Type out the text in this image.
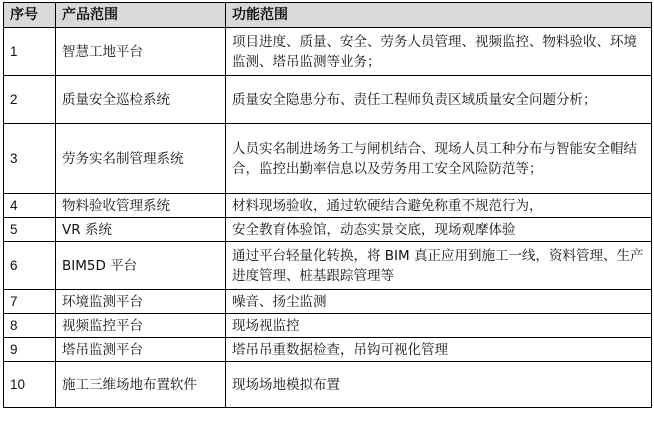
序号	产品范围	功能范围
1	智慧工地平台	项目进度、质量、安全、劳务人员管理、视频监控、物料验收、环境监测、塔吊监测等业务；
2	质量安全巡检系统	质量安全隐患分布、责任工程师负责区域质量安全问题分析；
3	劳务实名制管理系统	人员实名制进场务工与闸机结合、现场人员工种分布与智能安全帽结合，监控出勤率信息以及劳务用工安全风险防范等；
4	物料验收管理系统	材料现场验收，通过软硬结合避免称重不规范行为，
5	VR 系统	安全教育体验馆，动态实景交底，现场观摩体验
6	BIM5D 平台	通过平台轻量化转换，将 BIM 真正应用到施工一线，资料管理、生产进度管理、桩基跟踪管理等
7	环境监测平台	噪音、扬尘监测
8	视频监控平台	现场视监控
9	塔吊监测平台	塔吊吊重数据检查，吊钩可视化管理
10	施工三维场地布置软件	现场场地模拟布置
